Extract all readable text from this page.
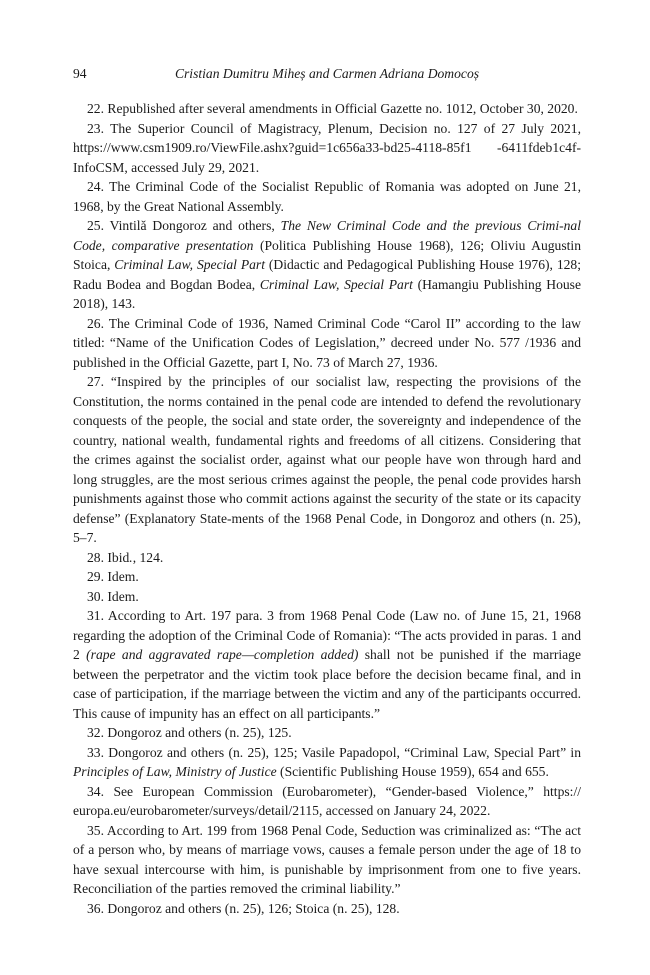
94	Cristian Dumitru Miheș and Carmen Adriana Domocoș

22. Republished after several amendments in Official Gazette no. 1012, October 30, 2020.

23. The Superior Council of Magistracy, Plenum, Decision no. 127 of 27 July 2021, https://www.csm1909.ro/ViewFile.ashx?guid=1c656a33-bd25-4118-85f1 -6411fdeb1c4f-InfoCSM, accessed July 29, 2021.

24. The Criminal Code of the Socialist Republic of Romania was adopted on June 21, 1968, by the Great National Assembly.

25. Vintilă Dongoroz and others, The New Criminal Code and the previous Crimi-nal Code, comparative presentation (Politica Publishing House 1968), 126; Oliviu Augustin Stoica, Criminal Law, Special Part (Didactic and Pedagogical Publishing House 1976), 128; Radu Bodea and Bogdan Bodea, Criminal Law, Special Part (Hamangiu Publishing House 2018), 143.

26. The Criminal Code of 1936, Named Criminal Code “Carol II” according to the law titled: “Name of the Unification Codes of Legislation,” decreed under No. 577 /1936 and published in the Official Gazette, part I, No. 73 of March 27, 1936.

27. “Inspired by the principles of our socialist law, respecting the provisions of the Constitution, the norms contained in the penal code are intended to defend the revolutionary conquests of the people, the social and state order, the sovereignty and independence of the country, national wealth, fundamental rights and freedoms of all citizens. Considering that the crimes against the socialist order, against what our people have won through hard and long struggles, are the most serious crimes against the people, the penal code provides harsh punishments against those who commit actions against the security of the state or its capacity defense” (Explanatory State-ments of the 1968 Penal Code, in Dongoroz and others (n. 25), 5–7.

28. Ibid., 124.

29. Idem.

30. Idem.

31. According to Art. 197 para. 3 from 1968 Penal Code (Law no. of June 15, 21, 1968 regarding the adoption of the Criminal Code of Romania): “The acts provided in paras. 1 and 2 (rape and aggravated rape—completion added) shall not be punished if the marriage between the perpetrator and the victim took place before the decision became final, and in case of participation, if the marriage between the victim and any of the participants occurred. This cause of impunity has an effect on all participants.”

32. Dongoroz and others (n. 25), 125.

33. Dongoroz and others (n. 25), 125; Vasile Papadopol, “Criminal Law, Special Part” in Principles of Law, Ministry of Justice (Scientific Publishing House 1959), 654 and 655.

34. See European Commission (Eurobarometer), “Gender-based Violence,” https:// europa.eu/eurobarometer/surveys/detail/2115, accessed on January 24, 2022.

35. According to Art. 199 from 1968 Penal Code, Seduction was criminalized as: “The act of a person who, by means of marriage vows, causes a female person under the age of 18 to have sexual intercourse with him, is punishable by imprisonment from one to five years. Reconciliation of the parties removed the criminal liability.”

36. Dongoroz and others (n. 25), 126; Stoica (n. 25), 128.
